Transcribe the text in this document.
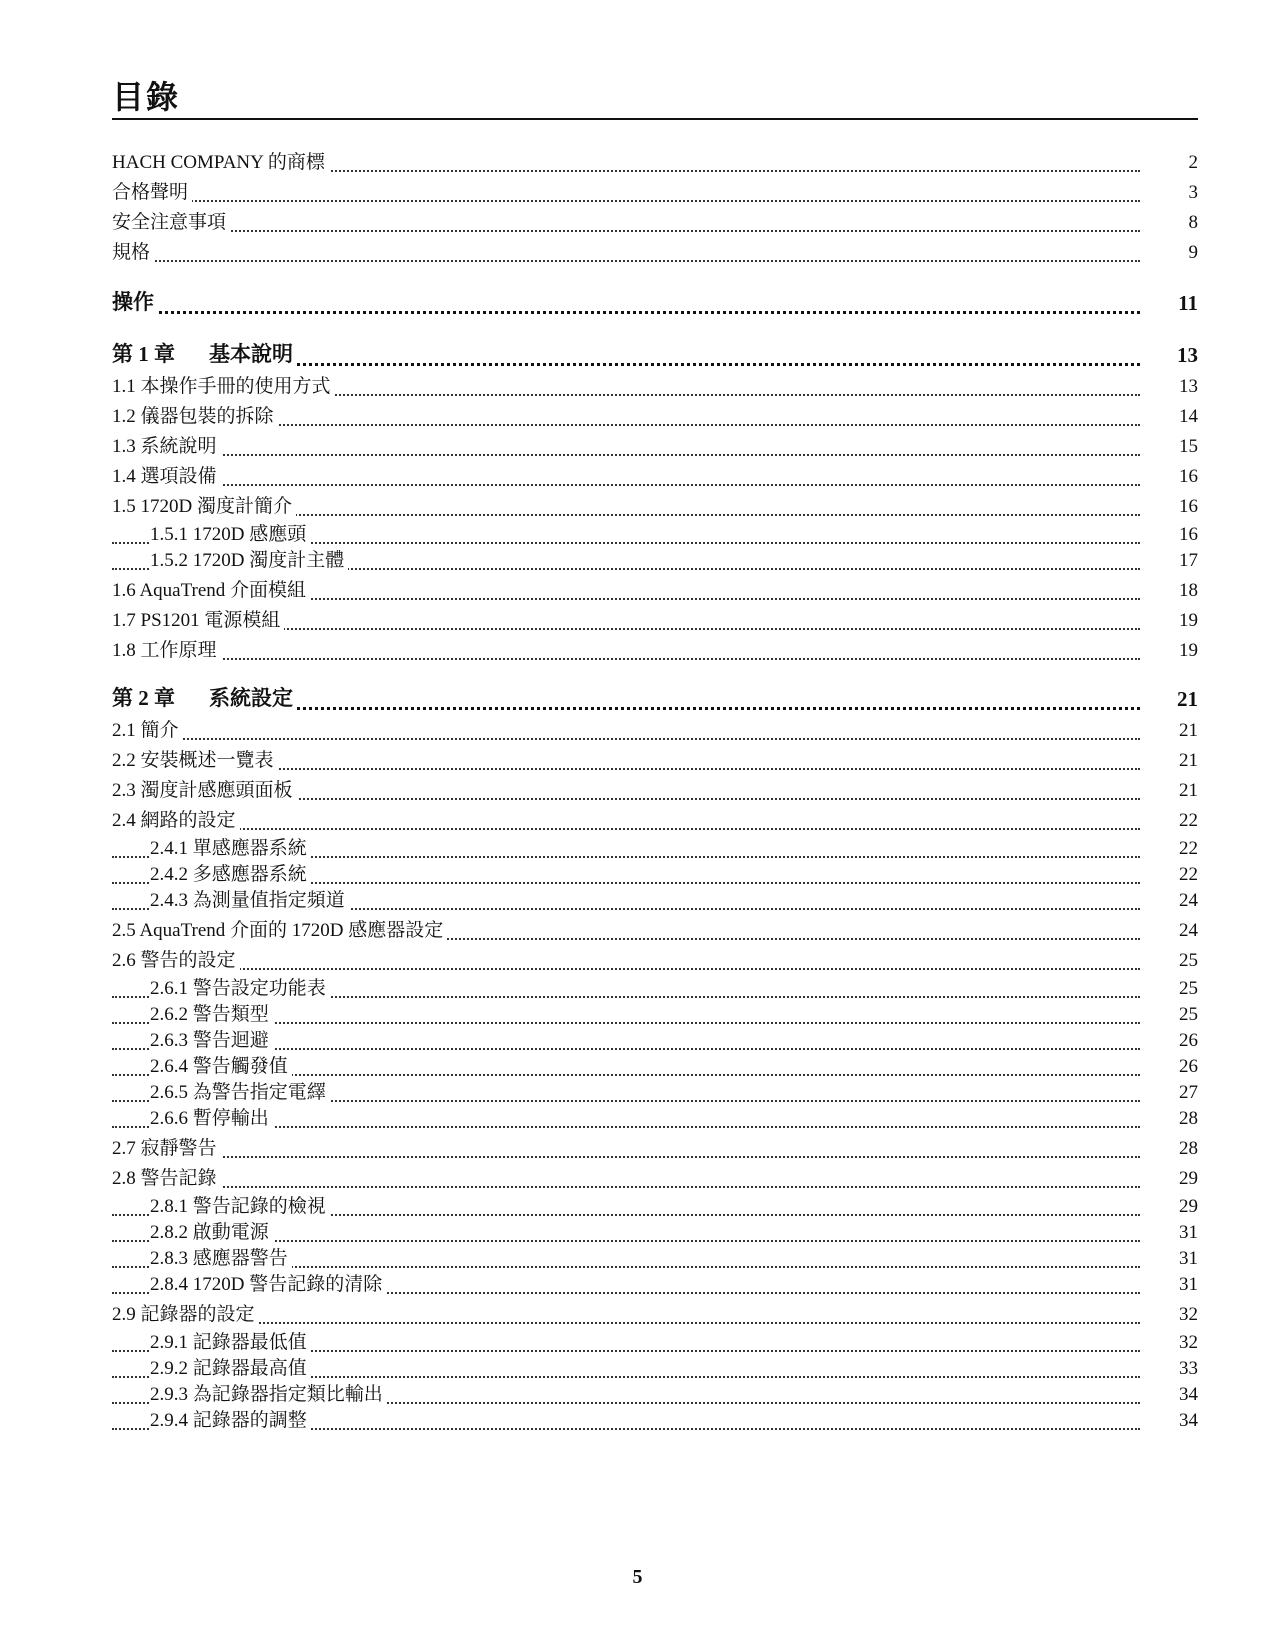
目錄
HACH COMPANY 的商標	2
合格聲明	3
安全注意事項	8
規格	9
操作	11
第 1 章 基本說明	13
1.1 本操作手冊的使用方式	13
1.2 儀器包裝的拆除	14
1.3 系統說明	15
1.4 選項設備	16
1.5 1720D 濁度計簡介	16
1.5.1 1720D 感應頭	16
1.5.2 1720D 濁度計主體	17
1.6 AquaTrend 介面模組	18
1.7 PS1201 電源模組	19
1.8 工作原理	19
第 2 章 系統設定	21
2.1 簡介	21
2.2 安裝概述一覽表	21
2.3 濁度計感應頭面板	21
2.4 網路的設定	22
2.4.1 單感應器系統	22
2.4.2 多感應器系統	22
2.4.3 為測量值指定頻道	24
2.5 AquaTrend 介面的 1720D 感應器設定	24
2.6 警告的設定	25
2.6.1 警告設定功能表	25
2.6.2 警告類型	25
2.6.3 警告迴避	26
2.6.4 警告觸發值	26
2.6.5 為警告指定電繹	27
2.6.6 暫停輸出	28
2.7 寂靜警告	28
2.8 警告記錄	29
2.8.1 警告記錄的檢視	29
2.8.2 啟動電源	31
2.8.3 感應器警告	31
2.8.4 1720D 警告記錄的清除	31
2.9 記錄器的設定	32
2.9.1 記錄器最低值	32
2.9.2 記錄器最高值	33
2.9.3 為記錄器指定類比輸出	34
2.9.4 記錄器的調整	34
5
